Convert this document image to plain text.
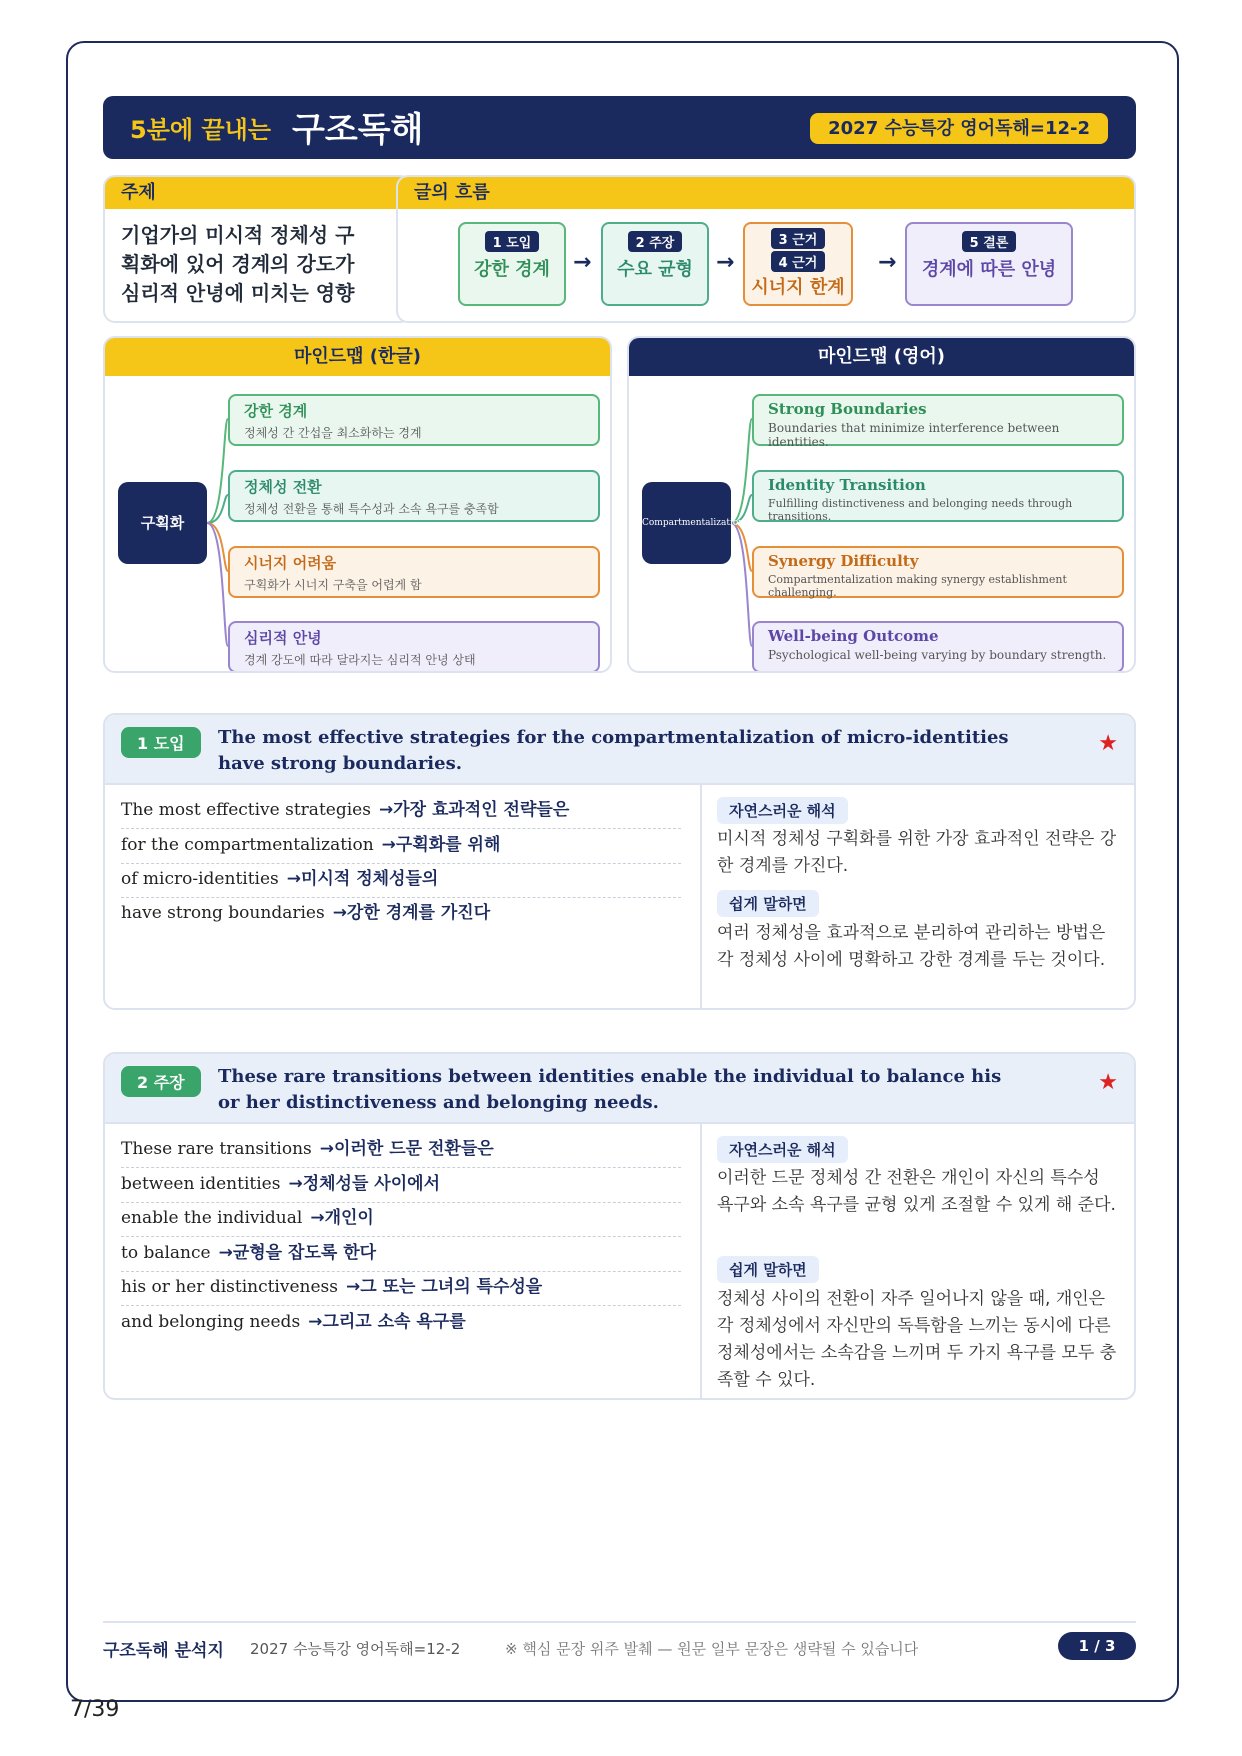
5분에 끝내는 구조독해	2027 수능특강 영어독해=12-2
주제
기업가의 미시적 정체성 구
획화에 있어 경계의 강도가
심리적 안녕에 미치는 영향
글의 흐름
1 도입
강한 경계	→
2 주장
수요 균형	→
3 근거
4 근거
시너지 한계
→
5 결론
경계에 따른 안녕
마인드맵 (한글)
구획화
강한 경계
정체성 간 간섭을 최소화하는 경계
정체성 전환
정체성 전환을 통해 특수성과 소속 욕구를 충족함
시너지 어려움
구획화가 시너지 구축을 어렵게 함
심리적 안녕
경계 강도에 따라 달라지는 심리적 안녕 상태
마인드맵 (영어)
Compartmentalization
Strong Boundaries
Boundaries that minimize interference between identities.
Identity Transition
Fulfilling distinctiveness and belonging needs through transitions.
Synergy Difficulty
Compartmentalization making synergy establishment challenging.
Well-being Outcome
Psychological well-being varying by boundary strength.
1 도입	The most effective strategies for the compartmentalization of micro-identities have strong boundaries.
★
The most effective strategies →가장 효과적인 전략들은
for the compartmentalization →구획화를 위해
of micro-identities →미시적 정체성들의
have strong boundaries →강한 경계를 가진다
자연스러운 해석
미시적 정체성 구획화를 위한 가장 효과적인 전략은 강한 경계를 가진다.
쉽게 말하면
여러 정체성을 효과적으로 분리하여 관리하는 방법은 각 정체성 사이에 명확하고 강한 경계를 두는 것이다.
2 주장	These rare transitions between identities enable the individual to balance his or her distinctiveness and belonging needs.
★
These rare transitions →이러한 드문 전환들은
between identities →정체성들 사이에서
enable the individual →개인이
to balance →균형을 잡도록 한다
his or her distinctiveness →그 또는 그녀의 특수성을
and belonging needs →그리고 소속 욕구를
자연스러운 해석
이러한 드문 정체성 간 전환은 개인이 자신의 특수성 욕구와 소속 욕구를 균형 있게 조절할 수 있게 해 준다.
쉽게 말하면
정체성 사이의 전환이 자주 일어나지 않을 때, 개인은 각 정체성에서 자신만의 독특함을 느끼는 동시에 다른 정체성에서는 소속감을 느끼며 두 가지 욕구를 모두 충족할 수 있다.
구조독해 분석지 2027 수능특강 영어독해=12-2	※ 핵심 문장 위주 발췌 — 원문 일부 문장은 생략될 수 있습니다	1 / 3
7/39
